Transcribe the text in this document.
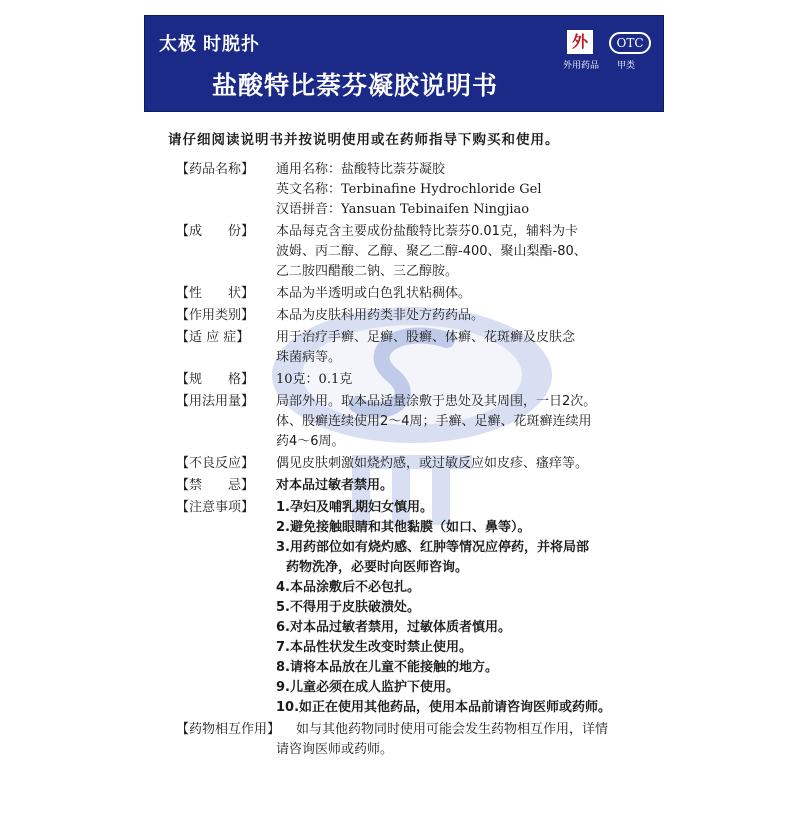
太极 时脱扑
盐酸特比萘芬凝胶说明书
外	OTC
外用药品 甲类
请仔细阅读说明书并按说明使用或在药师指导下购买和使用。
【药品名称】	通用名称：盐酸特比萘芬凝胶
英文名称：Terbinafine Hydrochloride Gel
汉语拼音：Yansuan Tebinaifen Ningjiao
【成　　份】	本品每克含主要成份盐酸特比萘芬0.01克，辅料为卡
波姆、丙二醇、乙醇、聚乙二醇-400、聚山梨酯-80、
乙二胺四醋酸二钠、三乙醇胺。
【性　　状】	本品为半透明或白色乳状粘稠体。
【作用类别】	本品为皮肤科用药类非处方药药品。
【适 应 症】	用于治疗手癣、足癣、股癣、体癣、花斑癣及皮肤念
珠菌病等。
【规　　格】	10克：0.1克
【用法用量】	局部外用。取本品适量涂敷于患处及其周围，一日2次。
体、股癣连续使用2～4周；手癣、足癣、花斑癣连续用
药4～6周。
【不良反应】	偶见皮肤刺激如烧灼感，或过敏反应如皮疹、瘙痒等。
【禁　　忌】	对本品过敏者禁用。
【注意事项】	1.孕妇及哺乳期妇女慎用。
2.避免接触眼睛和其他黏膜（如口、鼻等）。
3.用药部位如有烧灼感、红肿等情况应停药，并将局部
药物洗净，必要时向医师咨询。
4.本品涂敷后不必包扎。
5.不得用于皮肤破溃处。
6.对本品过敏者禁用，过敏体质者慎用。
7.本品性状发生改变时禁止使用。
8.请将本品放在儿童不能接触的地方。
9.儿童必须在成人监护下使用。
10.如正在使用其他药品，使用本品前请咨询医师或药师。
【药物相互作用】	如与其他药物同时使用可能会发生药物相互作用，详情
请咨询医师或药师。
